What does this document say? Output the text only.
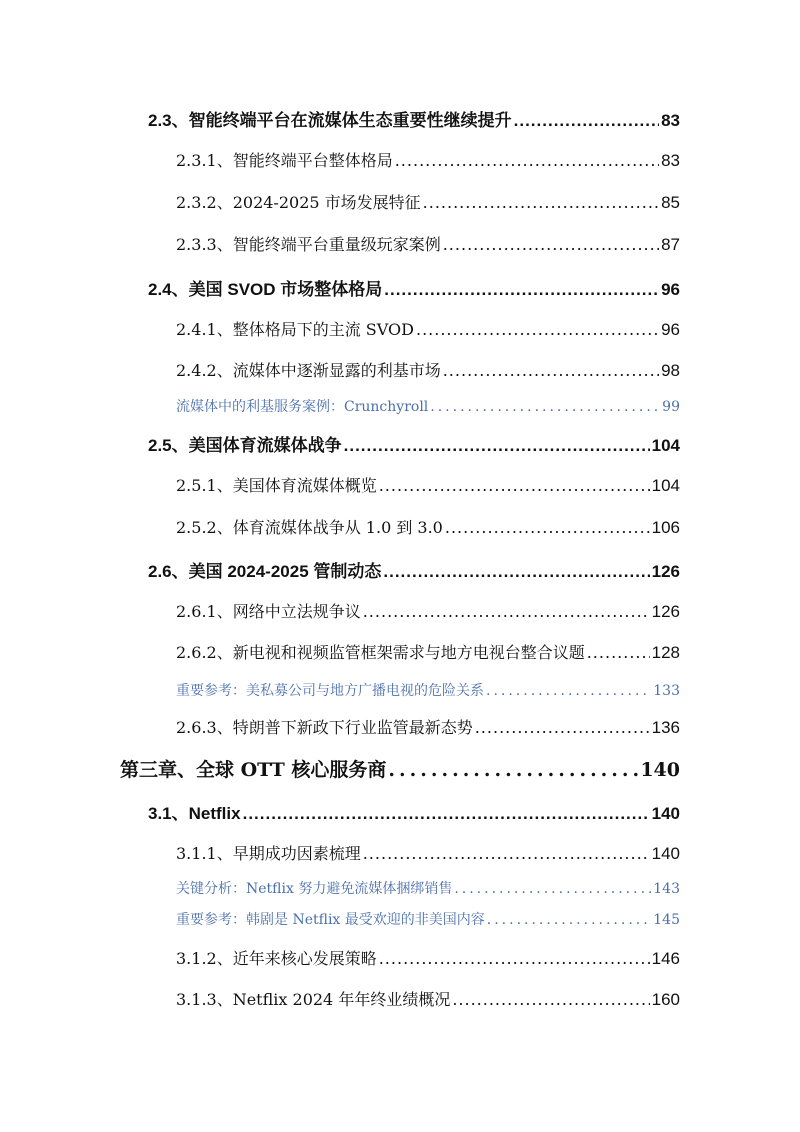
2.3、智能终端平台在流媒体生态重要性继续提升 .....	83
2.3.1、智能终端平台整体格局 .....	83
2.3.2、2024-2025 市场发展特征 .....	85
2.3.3、智能终端平台重量级玩家案例 .....	87
2.4、美国 SVOD 市场整体格局 .....	96
2.4.1、整体格局下的主流 SVOD .....	96
2.4.2、流媒体中逐渐显露的利基市场 .....	98
流媒体中的利基服务案例：Crunchyroll .....	99
2.5、美国体育流媒体战争 .....	104
2.5.1、美国体育流媒体概览 .....	104
2.5.2、体育流媒体战争从 1.0 到 3.0 .....	106
2.6、美国 2024-2025 管制动态 .....	126
2.6.1、网络中立法规争议 .....	126
2.6.2、新电视和视频监管框架需求与地方电视台整合议题 .....	128
重要参考：美私募公司与地方广播电视的危险关系 .....	133
2.6.3、特朗普下新政下行业监管最新态势 .....	136
第三章、全球 OTT 核心服务商 .....	140
3.1、Netflix .....	140
3.1.1、早期成功因素梳理 .....	140
关键分析：Netflix 努力避免流媒体捆绑销售 .....	143
重要参考：韩剧是 Netflix 最受欢迎的非美国内容 .....	145
3.1.2、近年来核心发展策略 .....	146
3.1.3、Netflix 2024 年年终业绩概况 .....	160
